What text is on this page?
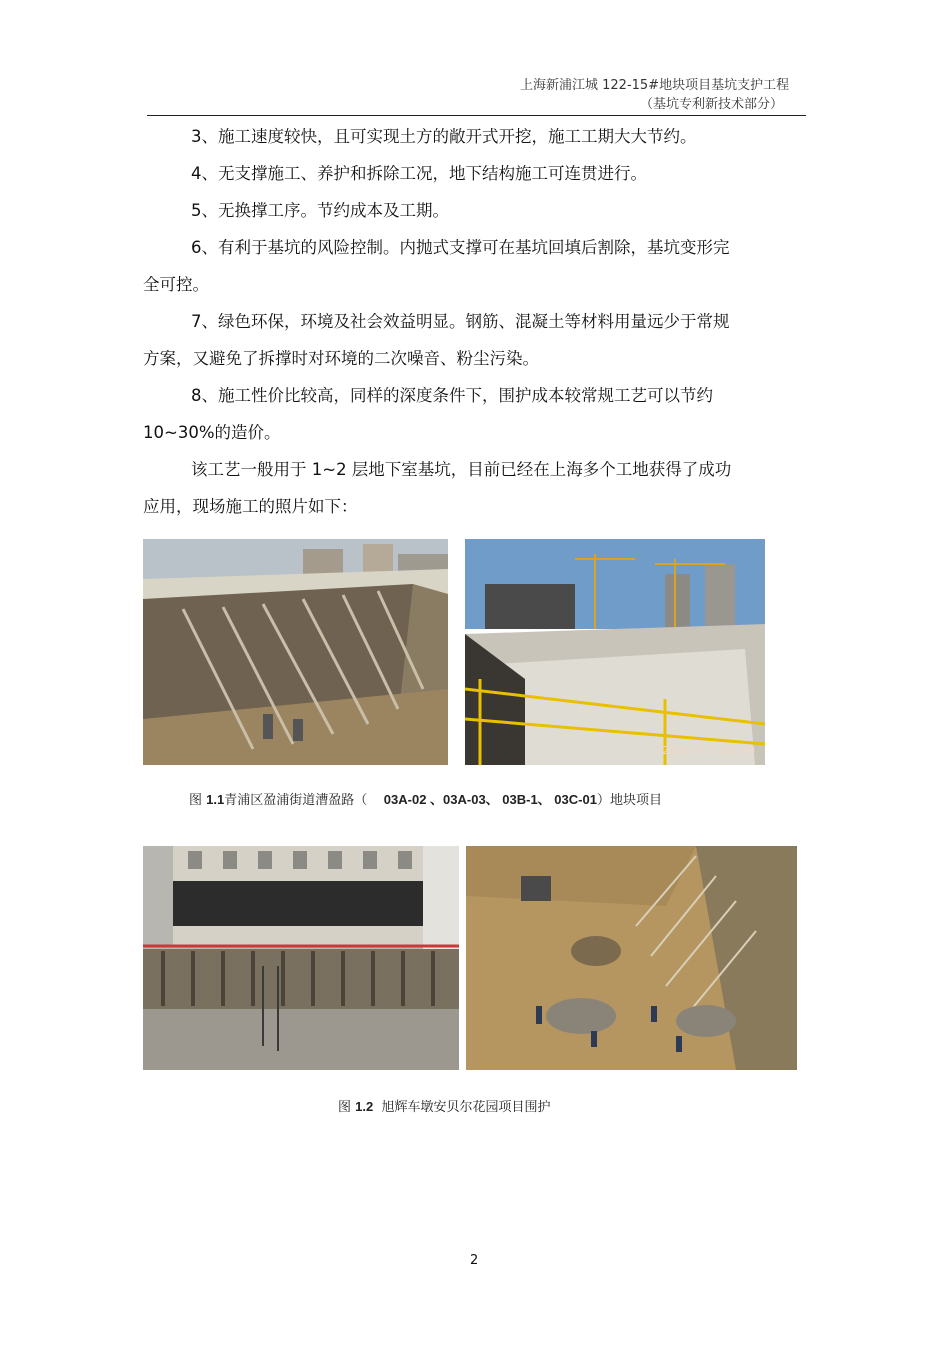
上海新浦江城 122-15#地块项目基坑支护工程
（基坑专利新技术部分）

3、施工速度较快，且可实现土方的敞开式开挖，施工工期大大节约。

4、无支撑施工、养护和拆除工况，地下结构施工可连贯进行。

5、无换撑工序。节约成本及工期。

6、有利于基坑的风险控制。内抛式支撑可在基坑回填后割除，基坑变形完

全可控。

7、绿色环保，环境及社会效益明显。钢筋、混凝土等材料用量远少于常规

方案，又避免了拆撑时对环境的二次噪音、粉尘污染。

8、施工性价比较高，同样的深度条件下，围护成本较常规工艺可以节约

10~30%的造价。

该工艺一般用于 1~2 层地下室基坑，目前已经在上海多个工地获得了成功

应用，现场施工的照片如下：

2015-8-3 08:49
图 1.1青浦区盈浦街道漕盈路（ 03A-02 、03A-03、 03B-1、 03C-01）地块项目
图 1.2 旭辉车墩安贝尔花园项目围护
2
